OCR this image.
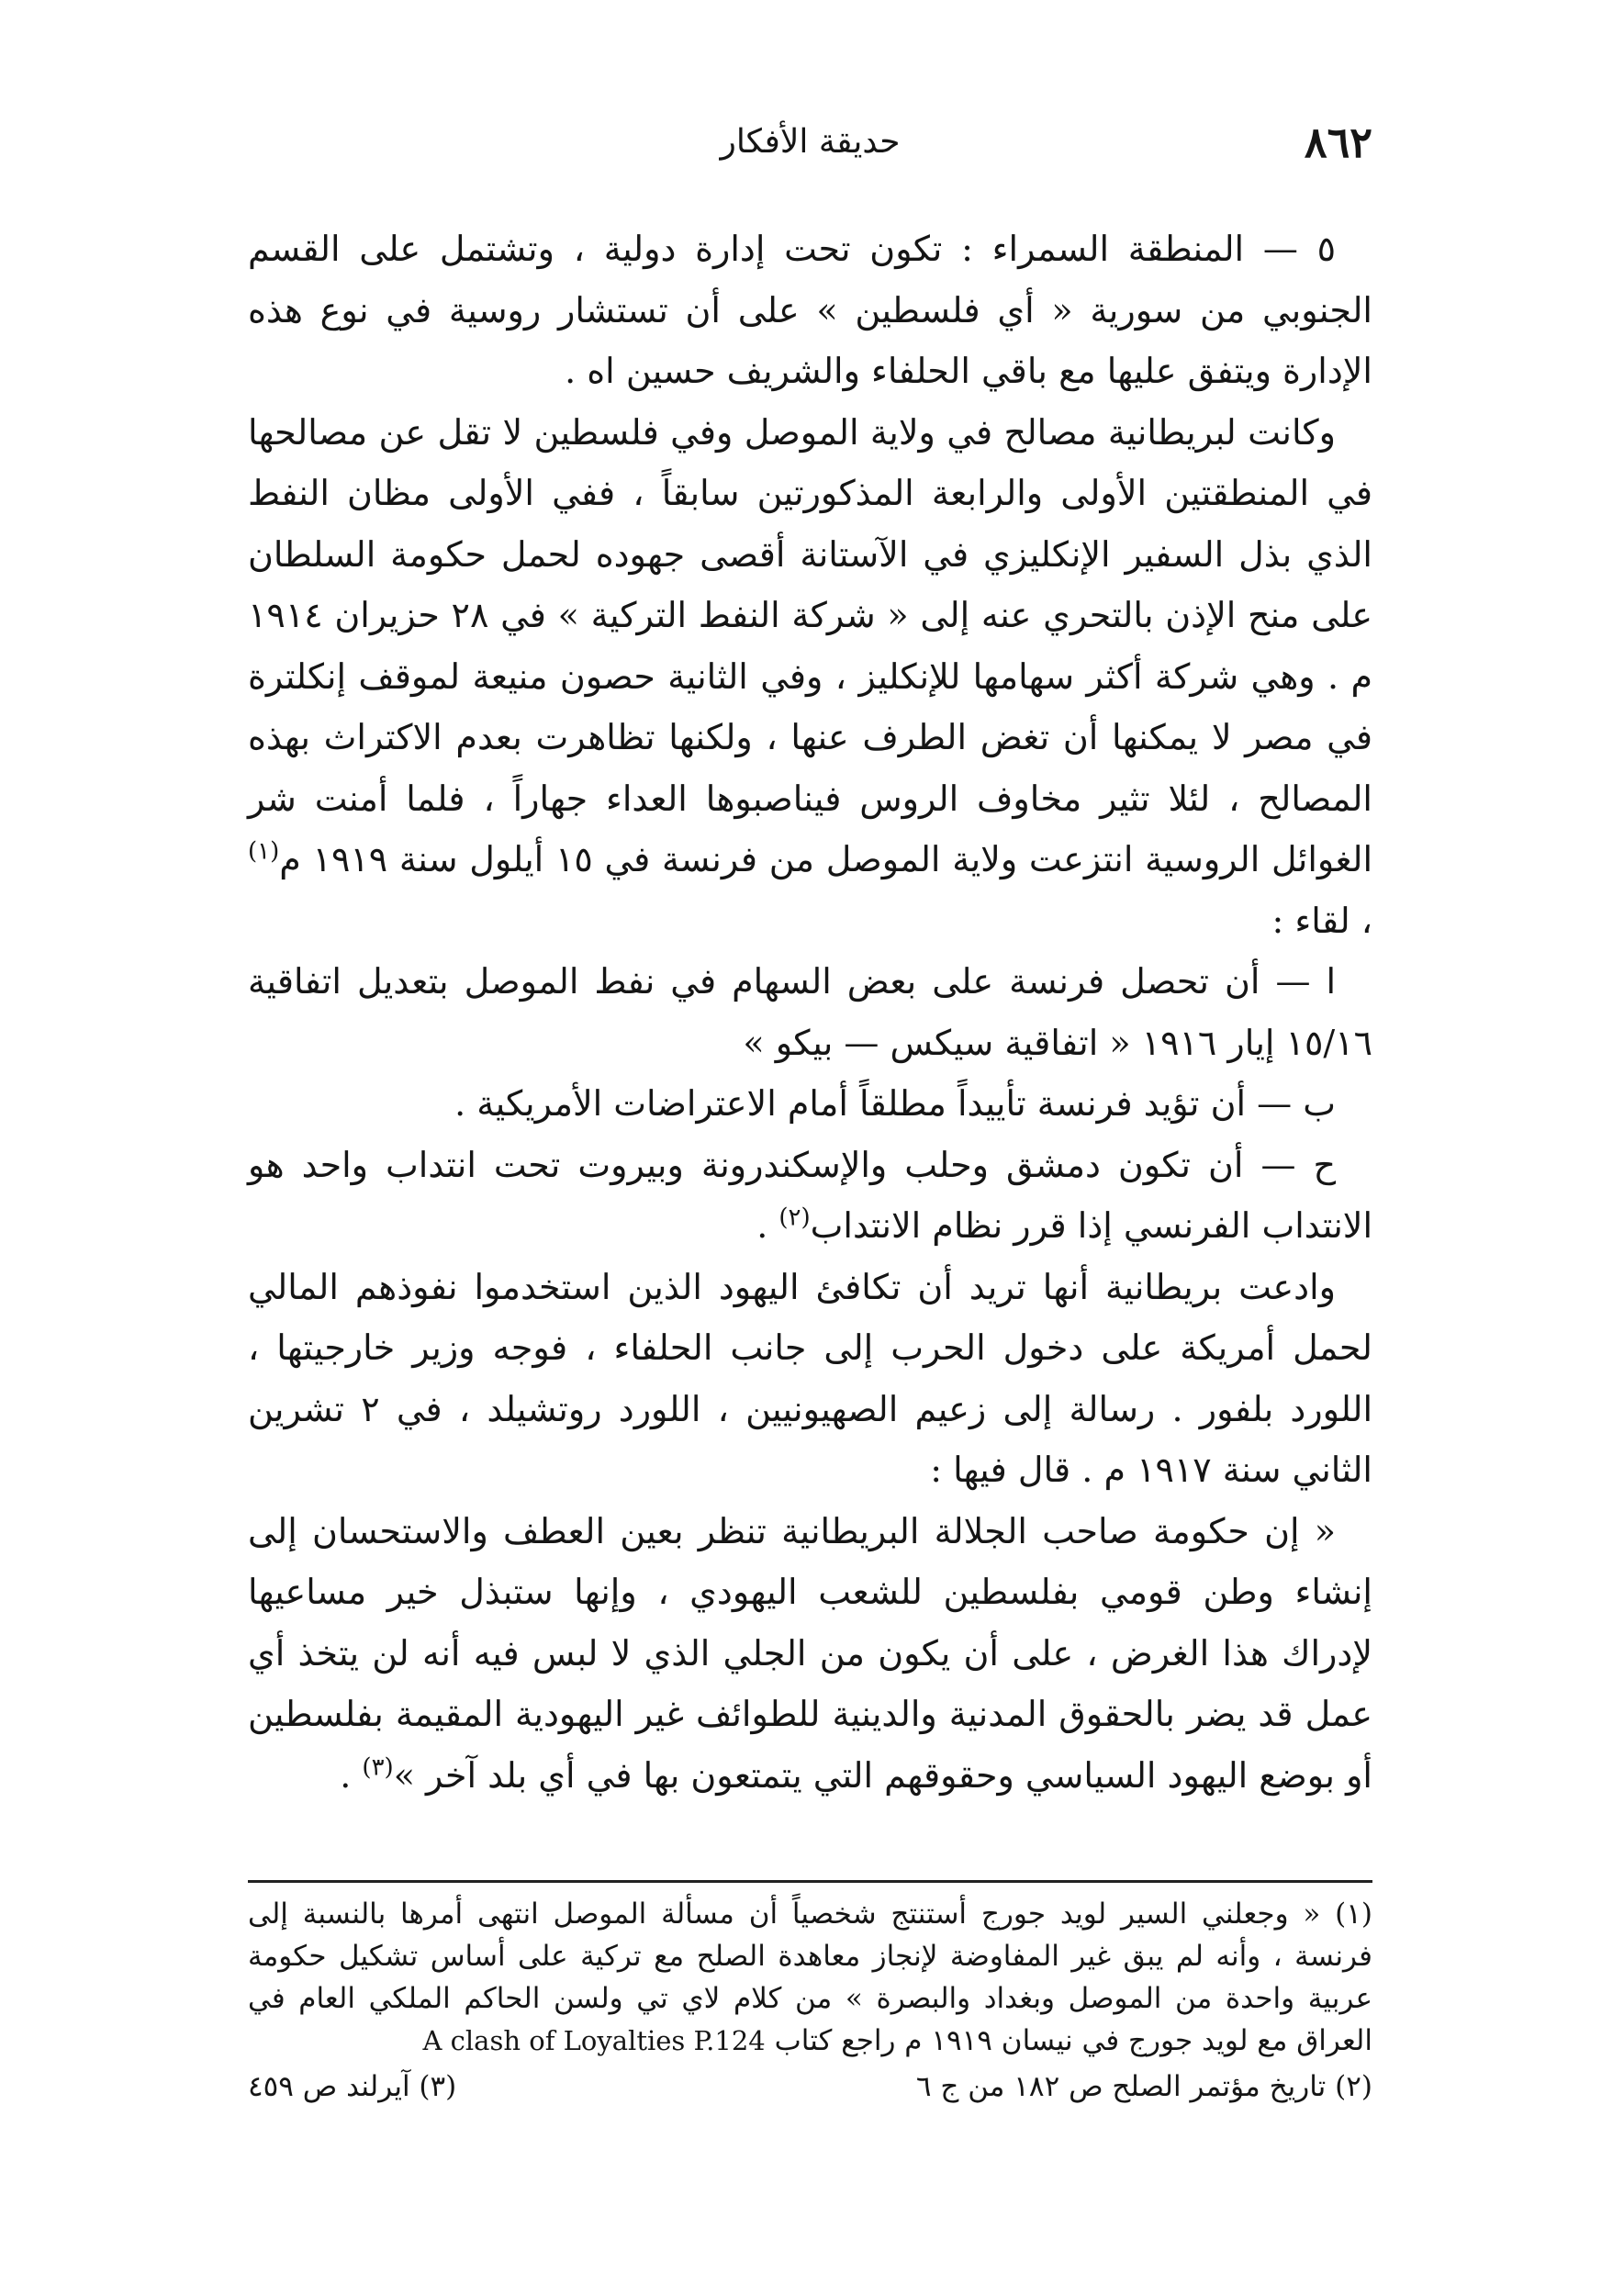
٨٦٢
حديقة الأفكار

٥ — المنطقة السمراء : تكون تحت إدارة دولية ، وتشتمل على القسم الجنوبي من سورية « أي فلسطين » على أن تستشار روسية في نوع هذه الإدارة ويتفق عليها مع باقي الحلفاء والشريف حسين اه .

وكانت لبريطانية مصالح في ولاية الموصل وفي فلسطين لا تقل عن مصالحها في المنطقتين الأولى والرابعة المذكورتين سابقاً ، ففي الأولى مظان النفط الذي بذل السفير الإنكليزي في الآستانة أقصى جهوده لحمل حكومة السلطان على منح الإذن بالتحري عنه إلى « شركة النفط التركية » في ٢٨ حزيران ١٩١٤ م . وهي شركة أكثر سهامها للإنكليز ، وفي الثانية حصون منيعة لموقف إنكلترة في مصر لا يمكنها أن تغض الطرف عنها ، ولكنها تظاهرت بعدم الاكتراث بهذه المصالح ، لئلا تثير مخاوف الروس فيناصبوها العداء جهاراً ، فلما أمنت شر الغوائل الروسية انتزعت ولاية الموصل من فرنسة في ١٥ أيلول سنة ١٩١٩ م$^{(١)}$ ، لقاء :

ا — أن تحصل فرنسة على بعض السهام في نفط الموصل بتعديل اتفاقية ١٥/١٦ إيار ١٩١٦ « اتفاقية سيكس — بيكو »

ب — أن تؤيد فرنسة تأييداً مطلقاً أمام الاعتراضات الأمريكية .

ح — أن تكون دمشق وحلب والإسكندرونة وبيروت تحت انتداب واحد هو الانتداب الفرنسي إذا قرر نظام الانتداب$^{(٢)}$ .

وادعت بريطانية أنها تريد أن تكافئ اليهود الذين استخدموا نفوذهم المالي لحمل أمريكة على دخول الحرب إلى جانب الحلفاء ، فوجه وزير خارجيتها ، اللورد بلفور . رسالة إلى زعيم الصهيونيين ، اللورد روتشيلد ، في ٢ تشرين الثاني سنة ١٩١٧ م . قال فيها :

« إن حكومة صاحب الجلالة البريطانية تنظر بعين العطف والاستحسان إلى إنشاء وطن قومي بفلسطين للشعب اليهودي ، وإنها ستبذل خير مساعيها لإدراك هذا الغرض ، على أن يكون من الجلي الذي لا لبس فيه أنه لن يتخذ أي عمل قد يضر بالحقوق المدنية والدينية للطوائف غير اليهودية المقيمة بفلسطين أو بوضع اليهود السياسي وحقوقهم التي يتمتعون بها في أي بلد آخر »$^{(٣)}$ .

(١) « وجعلني السير لويد جورج أستنتج شخصياً أن مسألة الموصل انتهى أمرها بالنسبة إلى فرنسة ، وأنه لم يبق غير المفاوضة لإنجاز معاهدة الصلح مع تركية على أساس تشكيل حكومة عربية واحدة من الموصل وبغداد والبصرة » من كلام لاي تي ولسن الحاكم الملكي العام في العراق مع لويد جورج في نيسان ١٩١٩ م راجع كتاب A clash of Loyalties P.124

(٢) تاريخ مؤتمر الصلح ص ١٨٢ من ج ٦
(٣) آيرلند ص ٤٥٩
